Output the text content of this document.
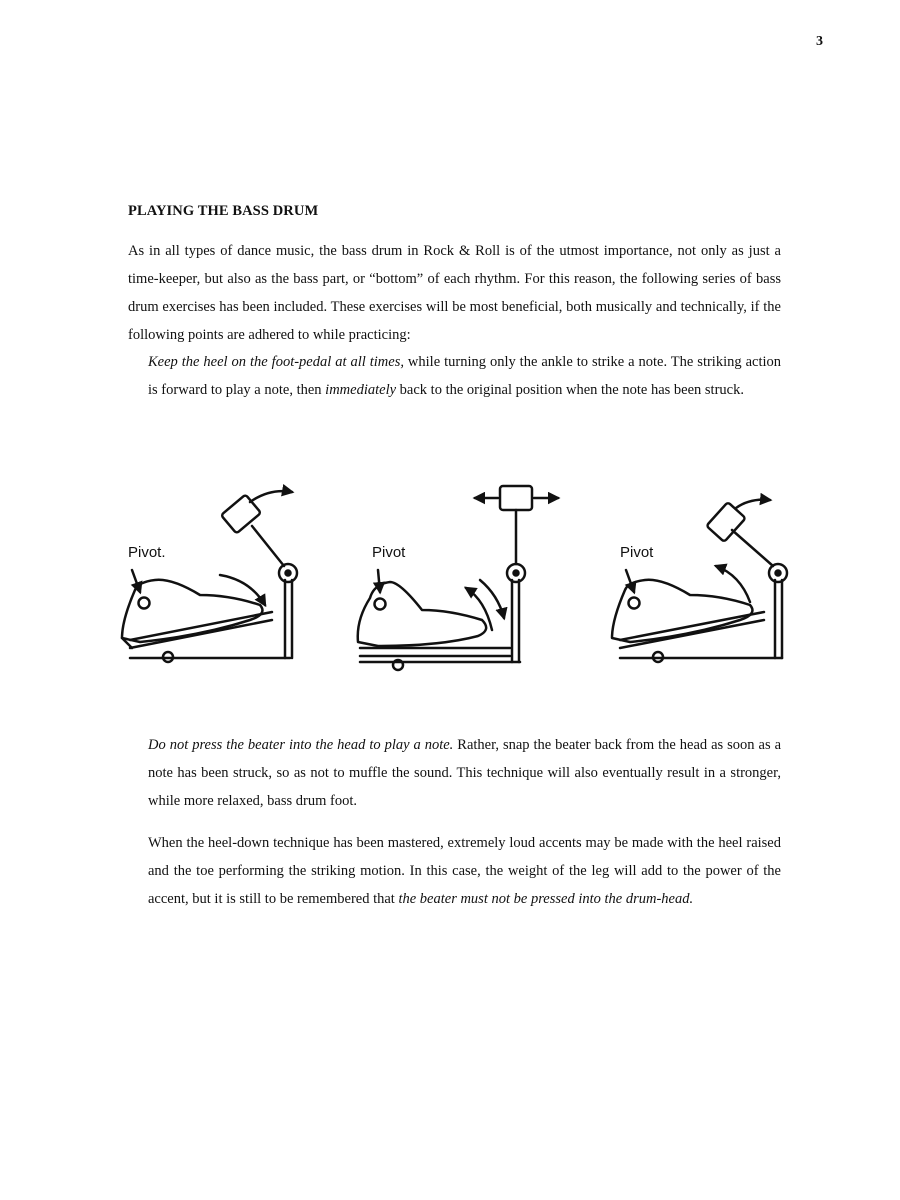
3
PLAYING THE BASS DRUM

As in all types of dance music, the bass drum in Rock & Roll is of the utmost importance, not only as just a time-keeper, but also as the bass part, or “bottom” of each rhythm. For this reason, the following series of bass drum exercises has been included. These exercises will be most beneficial, both musically and technically, if the following points are adhered to while practicing:

Keep the heel on the foot-pedal at all times, while turning only the ankle to strike a note. The striking action is forward to play a note, then immediately back to the original position when the note has been struck.

Pivot.	Pivot	Pivot

Do not press the beater into the head to play a note. Rather, snap the beater back from the head as soon as a note has been struck, so as not to muffle the sound. This technique will also eventually result in a stronger, while more relaxed, bass drum foot.

When the heel-down technique has been mastered, extremely loud accents may be made with the heel raised and the toe performing the striking motion. In this case, the weight of the leg will add to the power of the accent, but it is still to be remembered that the beater must not be pressed into the drum-head.
